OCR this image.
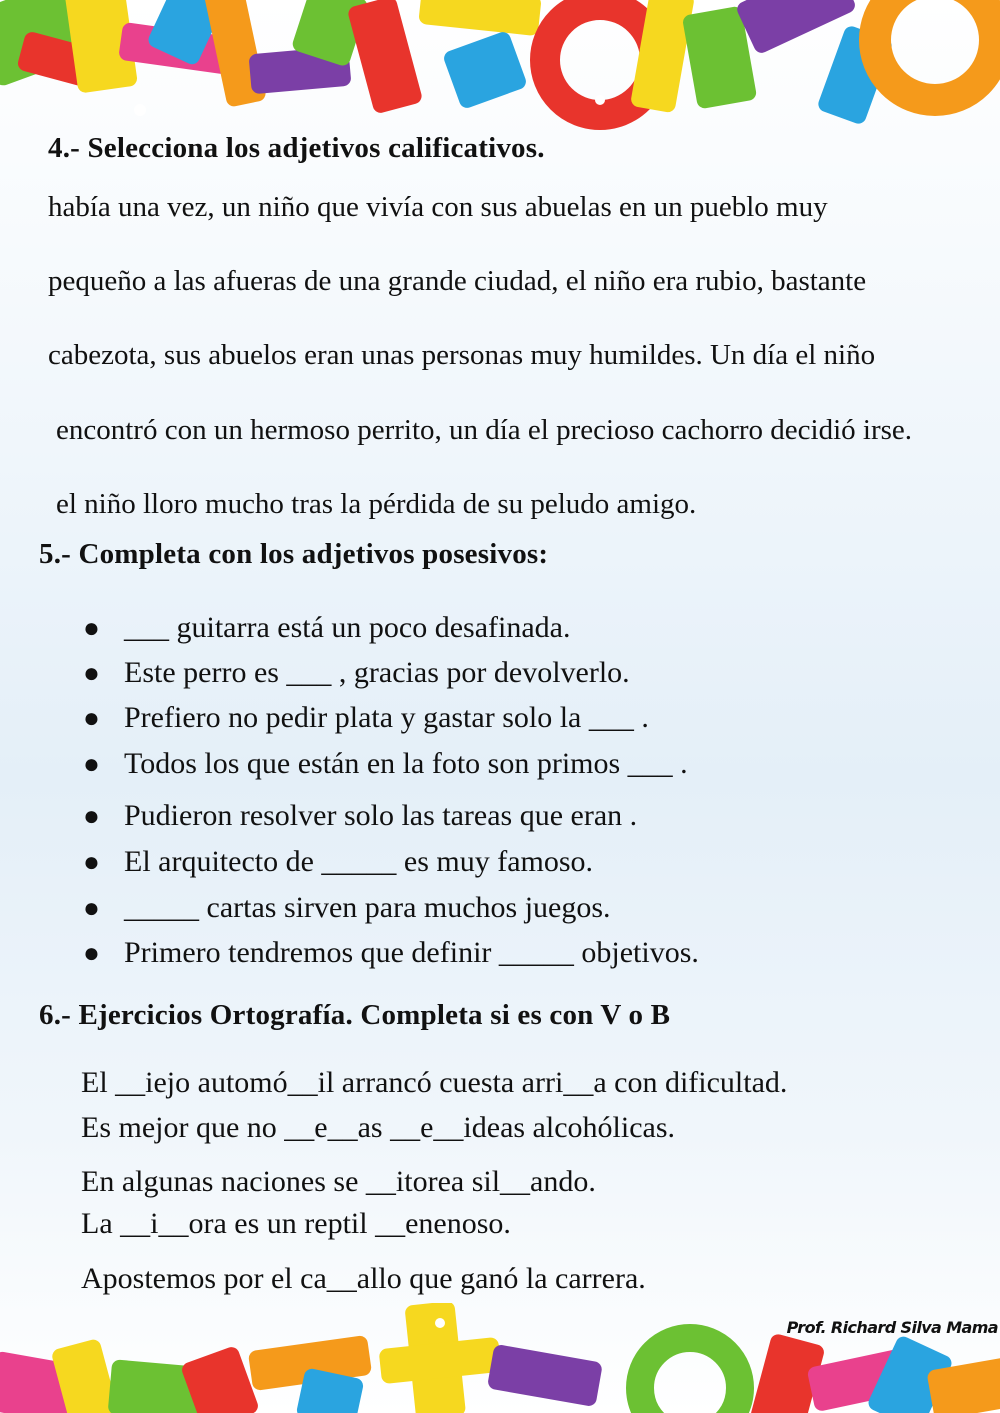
4.- Selecciona los adjetivos calificativos.

había una vez, un niño que vivía con sus abuelas en un pueblo muy

pequeño a las afueras de una grande ciudad, el niño era rubio, bastante

cabezota, sus abuelos eran unas personas muy humildes. Un día el niño

encontró con un hermoso perrito, un día el precioso cachorro decidió irse.

el niño lloro mucho tras la pérdida de su peludo amigo.

5.- Completa con los adjetivos posesivos:
● ___ guitarra está un poco desafinada.
● Este perro es ___ , gracias por devolverlo.
● Prefiero no pedir plata y gastar solo la ___ .
● Todos los que están en la foto son primos ___ .
● Pudieron resolver solo las tareas que eran .
● El arquitecto de _____ es muy famoso.
● _____ cartas sirven para muchos juegos.
● Primero tendremos que definir _____ objetivos.
6.- Ejercicios Ortografía. Completa si es con V o B

El __iejo automó__il arrancó cuesta arri__a con dificultad.

Es mejor que no __e__as __e__ideas alcohólicas.

En algunas naciones se __itorea sil__ando.

La __i__ora es un reptil __enenoso.

Apostemos por el ca__allo que ganó la carrera.

Prof. Richard Silva Mama
